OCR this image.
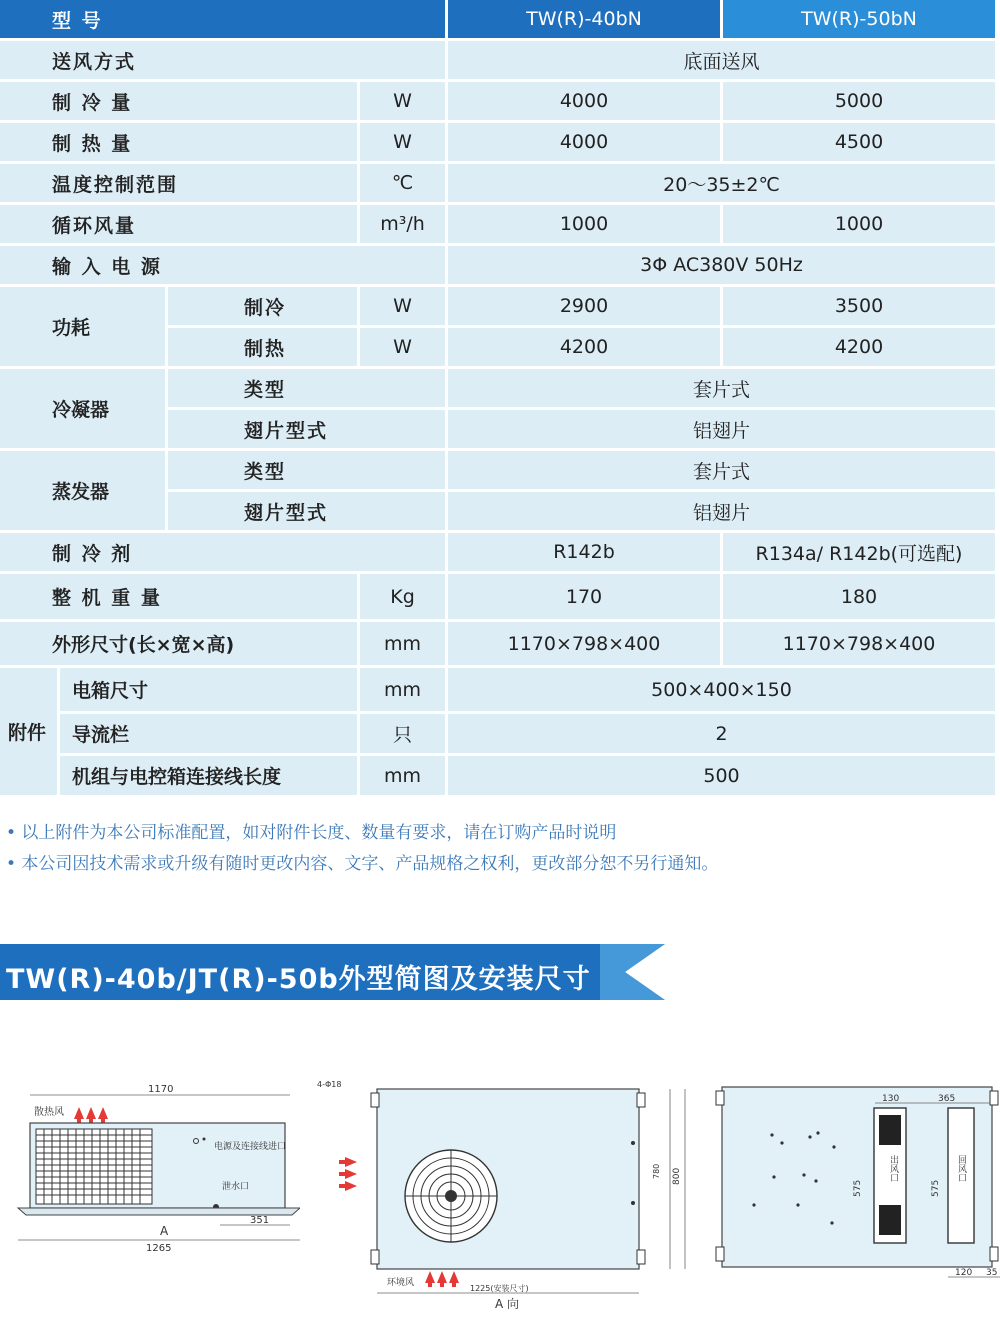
型 号	TW(R)-40bN	TW(R)-50bN
送风方式	底面送风
制 冷 量	W	4000	5000
制 热 量	W	4000	4500
温度控制范围	℃	20～35±2℃
循环风量	m³/h	1000	1000
输 入 电 源	3Φ AC380V 50Hz
功耗
制冷	W	2900	3500
制热	W	4200	4200
冷凝器
类型	套片式
翅片型式	铝翅片
蒸发器
类型	套片式
翅片型式	铝翅片
制 冷 剂	R142b	R134a/ R142b(可选配)
整 机 重 量	Kg	170	180
外形尺寸(长×宽×高)	mm	1170×798×400	1170×798×400
附件
电箱尺寸	mm	500×400×150
导流栏	只	2
机组与电控箱连接线长度	mm	500
• 以上附件为本公司标准配置，如对附件长度、数量有要求，请在订购产品时说明
• 本公司因技术需求或升级有随时更改内容、文字、产品规格之权利，更改部分恕不另行通知。
TW(R)-40b/JT(R)-50b外型简图及安装尺寸
1170
散热风
电源及连接线进口
泄水口
351
A
1265
4-Φ18
780 800
环境风
1225(安装尺寸)
A 向
130	365
出风口	回风口
575	575
120 35
